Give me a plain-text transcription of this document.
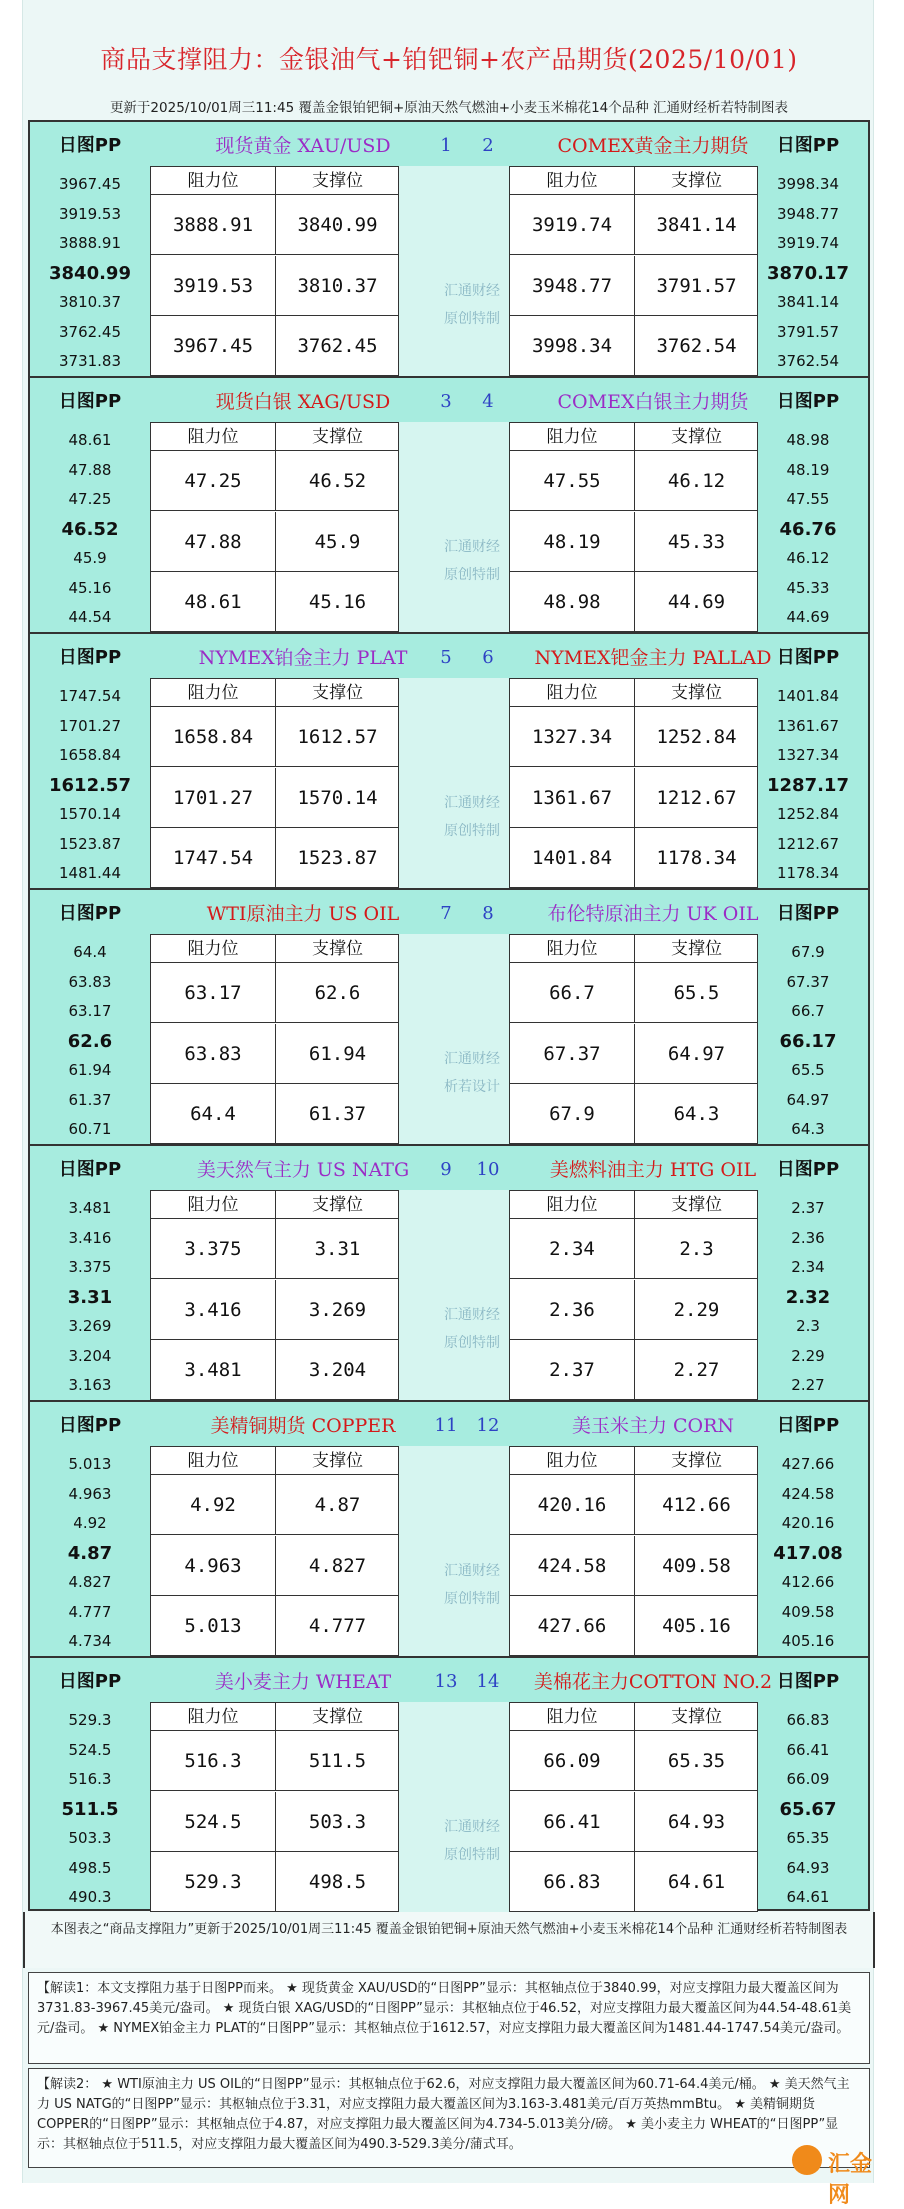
商品支撑阻力：金银油气+铂钯铜+农产品期货(2025/10/01)
更新于2025/10/01周三11:45 覆盖金银铂钯铜+原油天然气燃油+小麦玉米棉花14个品种 汇通财经析若特制图表
日图PP	现货黄金 XAU/USD	1	2	COMEX黄金主力期货	日图PP
3967.45
3919.53
3888.91
3840.99
3810.37
3762.45
3731.83
阻力位	支撑位
3888.91	3840.99
3919.53	3810.37
3967.45	3762.45
3998.34
3948.77
3919.74
3870.17
3841.14
3791.57
3762.54
阻力位	支撑位
3919.74	3841.14
3948.77	3791.57
3998.34	3762.54
汇通财经
原创特制
日图PP	现货白银 XAG/USD	3	4	COMEX白银主力期货	日图PP
48.61
47.88
47.25
46.52
45.9
45.16
44.54
阻力位	支撑位
47.25	46.52
47.88	45.9
48.61	45.16
48.98
48.19
47.55
46.76
46.12
45.33
44.69
阻力位	支撑位
47.55	46.12
48.19	45.33
48.98	44.69
汇通财经
原创特制
日图PP	NYMEX铂金主力 PLAT	5	6	NYMEX钯金主力 PALLAD 日图PP
1747.54
1701.27
1658.84
1612.57
1570.14
1523.87
1481.44
阻力位	支撑位
1658.84	1612.57
1701.27	1570.14
1747.54	1523.87
1401.84
1361.67
1327.34
1287.17
1252.84
1212.67
1178.34
阻力位	支撑位
1327.34	1252.84
1361.67	1212.67
1401.84	1178.34
汇通财经
原创特制
日图PP	WTI原油主力 US OIL	7	8	布伦特原油主力 UK OIL	日图PP
64.4
63.83
63.17
62.6
61.94
61.37
60.71
阻力位	支撑位
63.17	62.6
63.83	61.94
64.4	61.37
67.9
67.37
66.7
66.17
65.5
64.97
64.3
阻力位	支撑位
66.7	65.5
67.37	64.97
67.9	64.3
汇通财经
析若设计
日图PP	美天然气主力 US NATG	9	10	美燃料油主力 HTG OIL	日图PP
3.481
3.416
3.375
3.31
3.269
3.204
3.163
阻力位	支撑位
3.375	3.31
3.416	3.269
3.481	3.204
2.37
2.36
2.34
2.32
2.3
2.29
2.27
阻力位	支撑位
2.34	2.3
2.36	2.29
2.37	2.27
汇通财经
原创特制
日图PP	美精铜期货 COPPER	11	12	美玉米主力 CORN	日图PP
5.013
4.963
4.92
4.87
4.827
4.777
4.734
阻力位	支撑位
4.92	4.87
4.963	4.827
5.013	4.777
427.66
424.58
420.16
417.08
412.66
409.58
405.16
阻力位	支撑位
420.16	412.66
424.58	409.58
427.66	405.16
汇通财经
原创特制
日图PP	美小麦主力 WHEAT	13	14	美棉花主力COTTON NO.2 日图PP
529.3
524.5
516.3
511.5
503.3
498.5
490.3
阻力位	支撑位
516.3	511.5
524.5	503.3
529.3	498.5
66.83
66.41
66.09
65.67
65.35
64.93
64.61
阻力位	支撑位
66.09	65.35
66.41	64.93
66.83	64.61
汇通财经
原创特制
本图表之“商品支撑阻力”更新于2025/10/01周三11:45 覆盖金银铂钯铜+原油天然气燃油+小麦玉米棉花14个品种 汇通财经析若特制图表
【解读1：本文支撑阻力基于日图PP而来。 ★ 现货黄金 XAU/USD的“日图PP”显示：其枢轴点位于3840.99，对应支撑阻力最大覆盖区间为3731.83-3967.45美元/盎司。 ★ 现货白银 XAG/USD的“日图PP”显示：其枢轴点位于46.52，对应支撑阻力最大覆盖区间为44.54-48.61美元/盎司。 ★ NYMEX铂金主力 PLAT的“日图PP”显示：其枢轴点位于1612.57，对应支撑阻力最大覆盖区间为1481.44-1747.54美元/盎司。
【解读2： ★ WTI原油主力 US OIL的“日图PP”显示：其枢轴点位于62.6，对应支撑阻力最大覆盖区间为60.71-64.4美元/桶。 ★ 美天然气主力 US NATG的“日图PP”显示：其枢轴点位于3.31，对应支撑阻力最大覆盖区间为3.163-3.481美元/百万英热mmBtu。 ★ 美精铜期货 COPPER的“日图PP”显示：其枢轴点位于4.87，对应支撑阻力最大覆盖区间为4.734-5.013美分/磅。 ★ 美小麦主力 WHEAT的“日图PP”显示：其枢轴点位于511.5，对应支撑阻力最大覆盖区间为490.3-529.3美分/蒲式耳。
汇金网
